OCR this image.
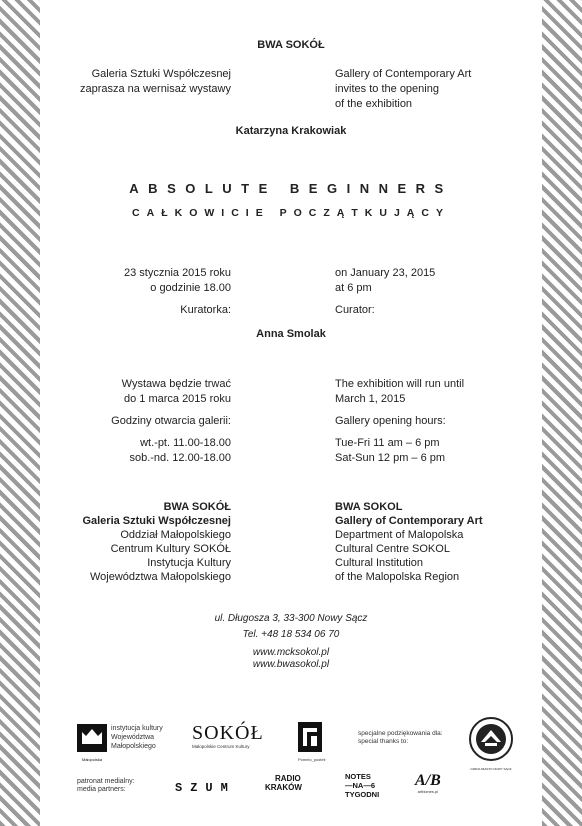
BWA SOKÓŁ
Galeria Sztuki Współczesnej
zaprasza na wernisaż wystawy
Gallery of Contemporary Art
invites to the opening
of the exhibition
Katarzyna Krakowiak
ABSOLUTE BEGINNERS
CAŁKOWICIE POCZĄTKUJĄCY
23 stycznia 2015 roku
o godzinie 18.00
on January 23, 2015
at 6 pm
Kuratorka:	Curator:
Anna Smolak
Wystawa będzie trwać
do 1 marca 2015 roku
The exhibition will run until
March 1, 2015
Godziny otwarcia galerii:	Gallery opening hours:
wt.-pt. 11.00-18.00
sob.-nd. 12.00-18.00
Tue-Fri 11 am – 6 pm
Sat-Sun 12 pm – 6 pm
BWA SOKÓŁ
Galeria Sztuki Współczesnej
Oddział Małopolskiego
Centrum Kultury SOKÓŁ
Instytucja Kultury
Województwa Małopolskiego
BWA SOKOL
Gallery of Contemporary Art
Department of Malopolska
Cultural Centre SOKOL
Cultural Institution
of the Malopolska Region
ul. Długosza 3, 33-300 Nowy Sącz
Tel. +48 18 534 06 70
www.mcksokol.pl
www.bwasokol.pl
Małopolska
instytucja kultury
Województwa
Małopolskiego
SOKÓŁ
Małopolskie Centrum Kultury
Pomelo_pusteli
specjalne podziękowania dla:
special thanks to:
GMINA MIASTO NOWY SĄCZ
patronat medialny:
media partners:	SZUM
RADIO
KRAKÓW
NOTES
—NA—6
TYGODNI
A/B
artbiznes.pl
